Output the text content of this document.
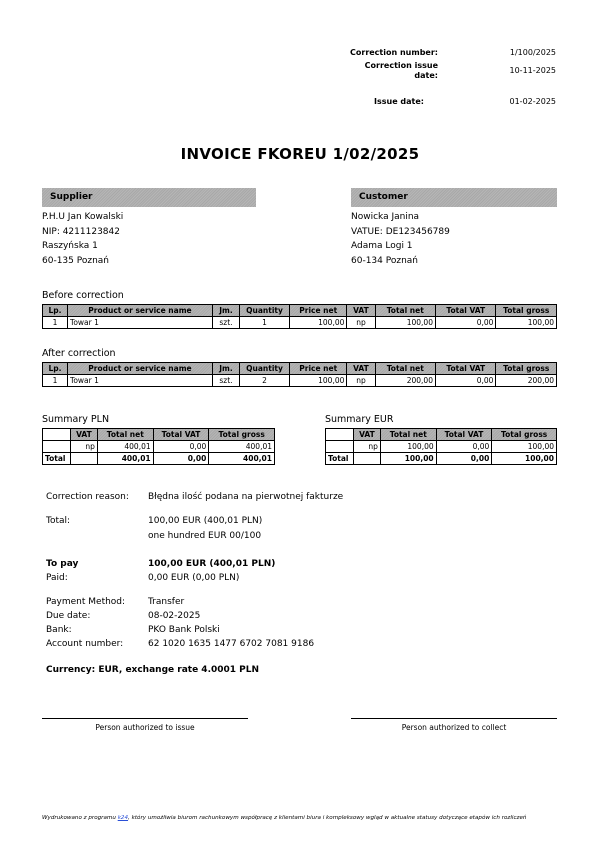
Correction number:	1/100/2025
Correction issue
date:
10-11-2025
Issue date:	01-02-2025
INVOICE FKOREU 1/02/2025
Supplier
P.H.U Jan Kowalski
NIP: 4211123842
Raszyńska 1
60-135 Poznań
Customer
Nowicka Janina
VATUE: DE123456789
Adama Logi 1
60-134 Poznań
Before correction
Lp.	Product or service name	Jm.	Quantity	Price net	VAT	Total net	Total VAT	Total gross
1	Towar 1	szt.	1	100,00	np	100,00	0,00	100,00
After correction
Lp.	Product or service name	Jm.	Quantity	Price net	VAT	Total net	Total VAT	Total gross
1	Towar 1	szt.	2	100,00	np	200,00	0,00	200,00
Summary PLN
	VAT	Total net	Total VAT	Total gross
	np	400,01	0,00	400,01
Total		400,01	0,00	400,01
Summary EUR
	VAT	Total net	Total VAT	Total gross
	np	100,00	0,00	100,00
Total		100,00	0,00	100,00
Correction reason: Błędna ilość podana na pierwotnej fakturze
Total:	100,00 EUR (400,01 PLN)
one hundred EUR 00/100
To pay	100,00 EUR (400,01 PLN)
Paid:	0,00 EUR (0,00 PLN)
Payment Method:	Transfer
Due date:	08-02-2025
Bank:	PKO Bank Polski
Account number:	62 1020 1635 1477 6702 7081 9186
Currency: EUR, exchange rate 4.0001 PLN
Person authorized to issue	Person authorized to collect
Wydrukowano z programu k24, który umożliwia biurom rachunkowym współpracę z klientami biura i kompleksowy wgląd w aktualne statusy dotyczące etapów ich rozliczeń
